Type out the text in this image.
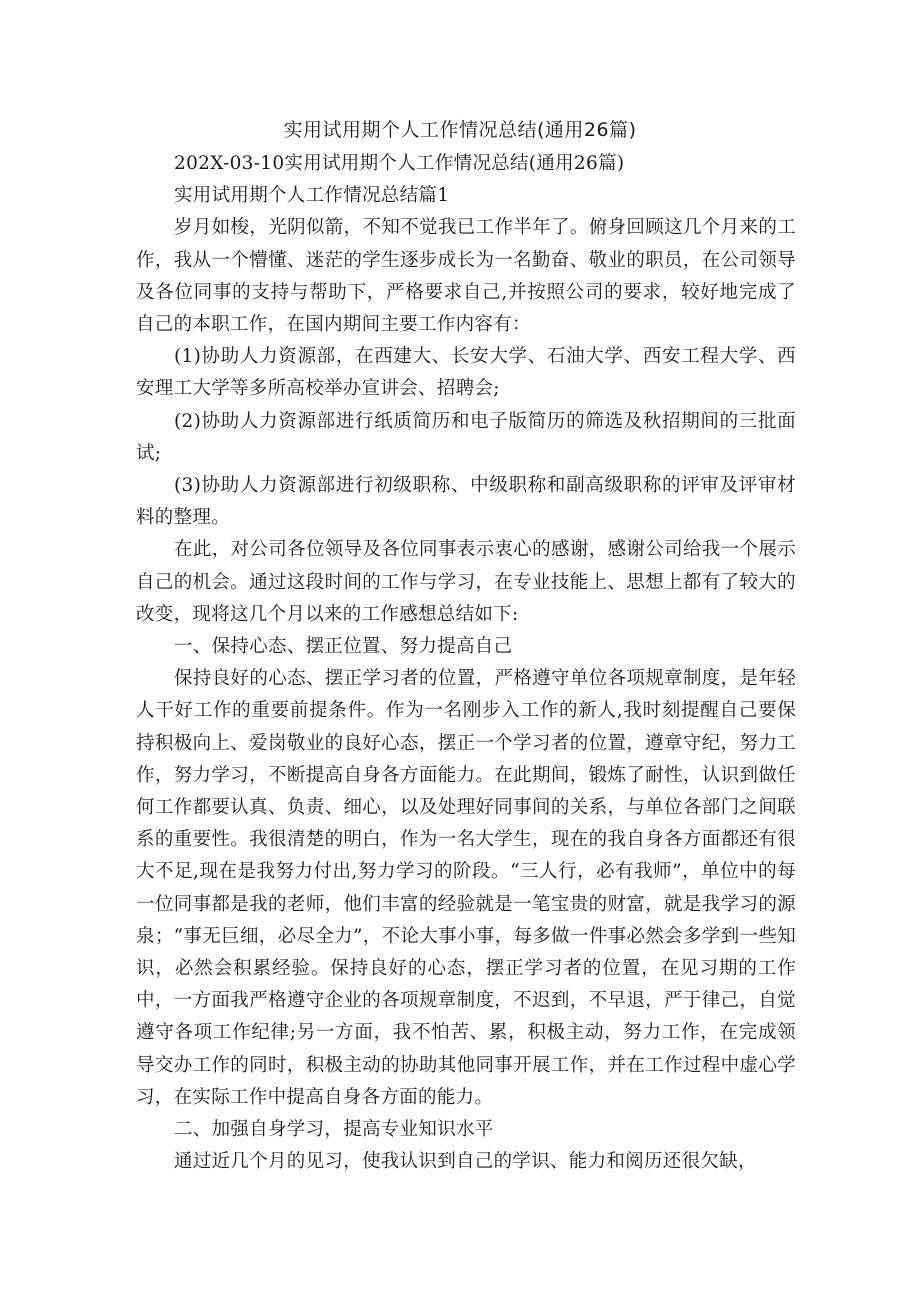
实用试用期个人工作情况总结(通用26篇)

202X-03-10实用试用期个人工作情况总结(通用26篇)

实用试用期个人工作情况总结篇1

岁月如梭，光阴似箭，不知不觉我已工作半年了。俯身回顾这几个月来的工作，我从一个懵懂、迷茫的学生逐步成长为一名勤奋、敬业的职员，在公司领导及各位同事的支持与帮助下，严格要求自己,并按照公司的要求，较好地完成了自己的本职工作，在国内期间主要工作内容有：

(1)协助人力资源部，在西建大、长安大学、石油大学、西安工程大学、西安理工大学等多所高校举办宣讲会、招聘会;

(2)协助人力资源部进行纸质简历和电子版简历的筛选及秋招期间的三批面试;

(3)协助人力资源部进行初级职称、中级职称和副高级职称的评审及评审材料的整理。

在此，对公司各位领导及各位同事表示衷心的感谢，感谢公司给我一个展示自己的机会。通过这段时间的工作与学习，在专业技能上、思想上都有了较大的改变，现将这几个月以来的工作感想总结如下:

一、保持心态、摆正位置、努力提高自己

保持良好的心态、摆正学习者的位置，严格遵守单位各项规章制度，是年轻人干好工作的重要前提条件。作为一名刚步入工作的新人,我时刻提醒自己要保持积极向上、爱岗敬业的良好心态，摆正一个学习者的位置，遵章守纪，努力工作，努力学习，不断提高自身各方面能力。在此期间，锻炼了耐性，认识到做任何工作都要认真、负责、细心，以及处理好同事间的关系，与单位各部门之间联系的重要性。我很清楚的明白，作为一名大学生，现在的我自身各方面都还有很大不足,现在是我努力付出,努力学习的阶段。“三人行，必有我师”，单位中的每一位同事都是我的老师，他们丰富的经验就是一笔宝贵的财富，就是我学习的源泉；“事无巨细，必尽全力”，不论大事小事，每多做一件事必然会多学到一些知识，必然会积累经验。保持良好的心态，摆正学习者的位置，在见习期的工作中，一方面我严格遵守企业的各项规章制度，不迟到，不早退，严于律己，自觉遵守各项工作纪律;另一方面，我不怕苦、累，积极主动，努力工作，在完成领导交办工作的同时，积极主动的协助其他同事开展工作，并在工作过程中虚心学习，在实际工作中提高自身各方面的能力。

二、加强自身学习，提高专业知识水平

通过近几个月的见习，使我认识到自己的学识、能力和阅历还很欠缺，
